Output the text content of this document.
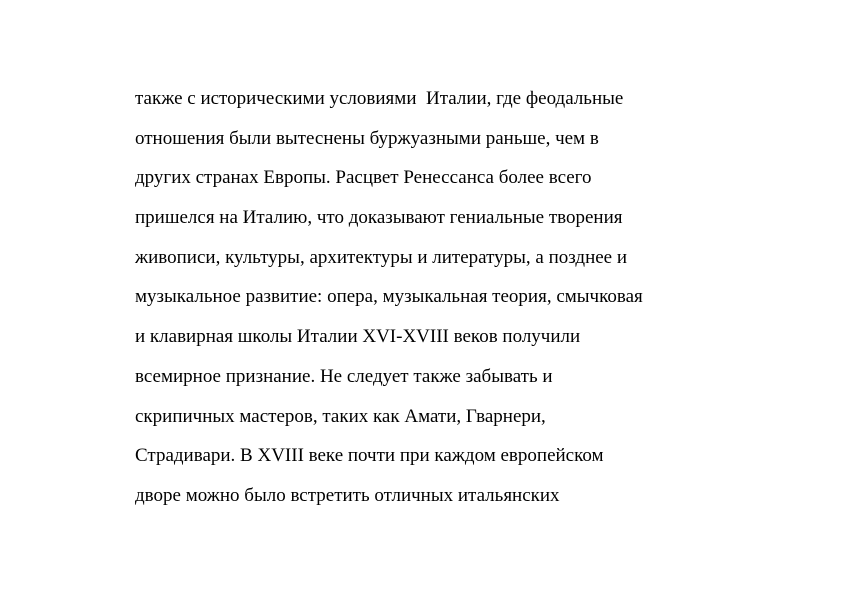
также с историческими условиями  Италии, где феодальные
отношения были вытеснены буржуазными раньше, чем в
других странах Европы. Расцвет Ренессанса более всего
пришелся на Италию, что доказывают гениальные творения
живописи, культуры, архитектуры и литературы, а позднее и
музыкальное развитие: опера, музыкальная теория, смычковая
и клавирная школы Италии XVI-XVIII веков получили
всемирное признание. Не следует также забывать и
скрипичных мастеров, таких как Амати, Гварнери,
Страдивари. В XVIII веке почти при каждом европейском
дворе можно было встретить отличных итальянских
